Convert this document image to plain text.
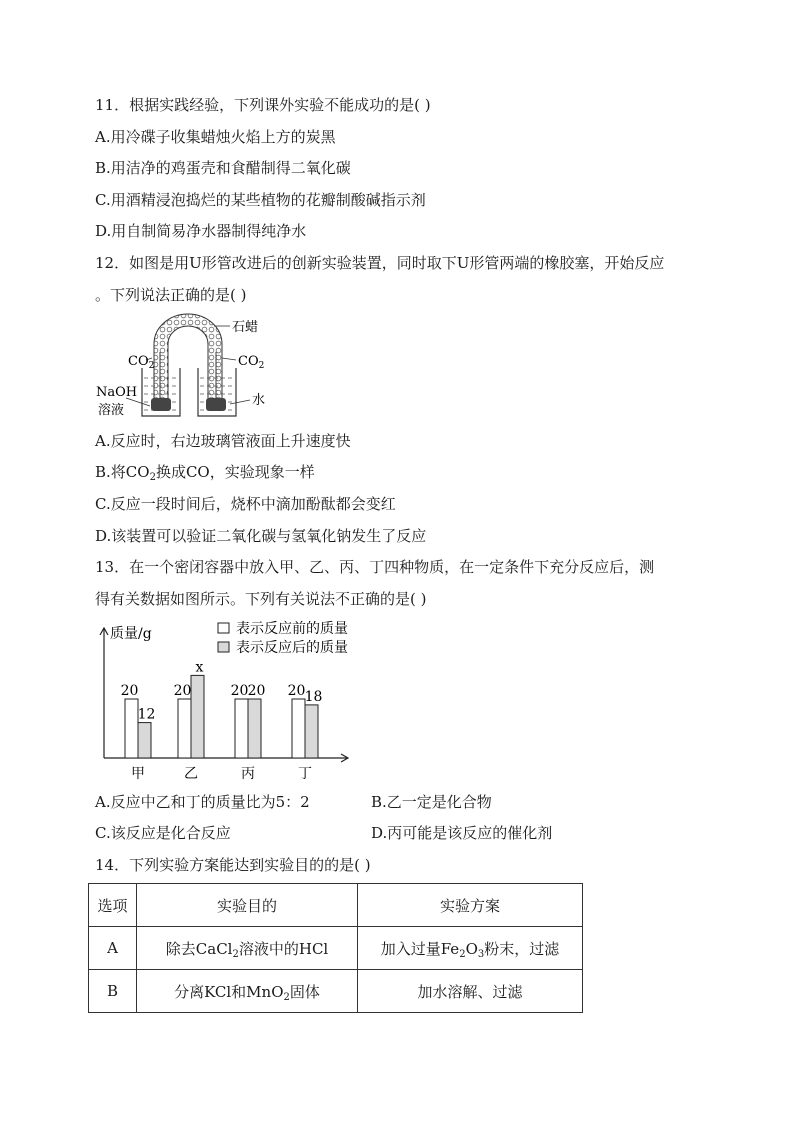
11．根据实践经验，下列课外实验不能成功的是( )
A.用冷碟子收集蜡烛火焰上方的炭黑
B.用洁净的鸡蛋壳和食醋制得二氧化碳
C.用酒精浸泡捣烂的某些植物的花瓣制酸碱指示剂
D.用自制简易净水器制得纯净水
12．如图是用U形管改进后的创新实验装置，同时取下U形管两端的橡胶塞，开始反应
。下列说法正确的是( )
石蜡
$CO_2$	$CO_2$
NaOH
溶液
水
A.反应时，右边玻璃管液面上升速度快
B.将$CO_2$换成CO，实验现象一样
C.反应一段时间后，烧杯中滴加酚酞都会变红
D.该装置可以验证二氧化碳与氢氧化钠发生了反应
13．在一个密闭容器中放入甲、乙、丙、丁四种物质，在一定条件下充分反应后，测
得有关数据如图所示。下列有关说法不正确的是( )
质量/g	表示反应前的质量
表示反应后的质量
20
12
甲
20
x
乙
20 20
丙
20 18
丁
A.反应中乙和丁的质量比为5：2	B.乙一定是化合物
C.该反应是化合反应	D.丙可能是该反应的催化剂
14．下列实验方案能达到实验目的的是( )
选项	实验目的	实验方案
A	除去CaCl$_2$溶液中的HCl	加入过量$Fe_2O_3$粉末，过滤
B	分离KCl和MnO$_2$固体	加水溶解、过滤
